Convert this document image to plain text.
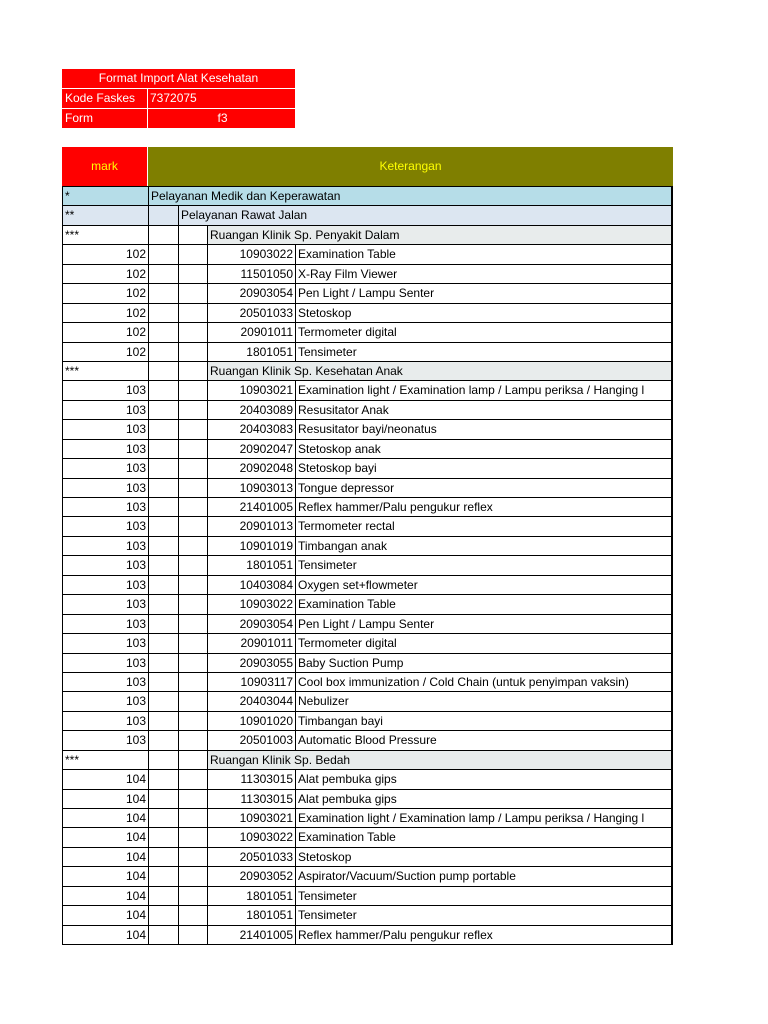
Format Import Alat Kesehatan
Kode Faskes	7372075
Form	f3
mark	Keterangan
*	Pelayanan Medik dan Keperawatan
**	Pelayanan Rawat Jalan
***	Ruangan Klinik Sp. Penyakit Dalam
102	10903022 Examination Table
102	11501050 X-Ray Film Viewer
102	20903054 Pen Light / Lampu Senter
102	20501033 Stetoskop
102	20901011 Termometer digital
102	1801051 Tensimeter
***	Ruangan Klinik Sp. Kesehatan Anak
103	10903021 Examination light / Examination lamp / Lampu periksa / Hanging l
103	20403089 Resusitator Anak
103	20403083 Resusitator bayi/neonatus
103	20902047 Stetoskop anak
103	20902048 Stetoskop bayi
103	10903013 Tongue depressor
103	21401005 Reflex hammer/Palu pengukur reflex
103	20901013 Termometer rectal
103	10901019 Timbangan anak
103	1801051 Tensimeter
103	10403084 Oxygen set+flowmeter
103	10903022 Examination Table
103	20903054 Pen Light / Lampu Senter
103	20901011 Termometer digital
103	20903055 Baby Suction Pump
103	10903117 Cool box immunization / Cold Chain (untuk penyimpan vaksin)
103	20403044 Nebulizer
103	10901020 Timbangan bayi
103	20501003 Automatic Blood Pressure
***	Ruangan Klinik Sp. Bedah
104	11303015 Alat pembuka gips
104	11303015 Alat pembuka gips
104	10903021 Examination light / Examination lamp / Lampu periksa / Hanging l
104	10903022 Examination Table
104	20501033 Stetoskop
104	20903052 Aspirator/Vacuum/Suction pump portable
104	1801051 Tensimeter
104	1801051 Tensimeter
104	21401005 Reflex hammer/Palu pengukur reflex
